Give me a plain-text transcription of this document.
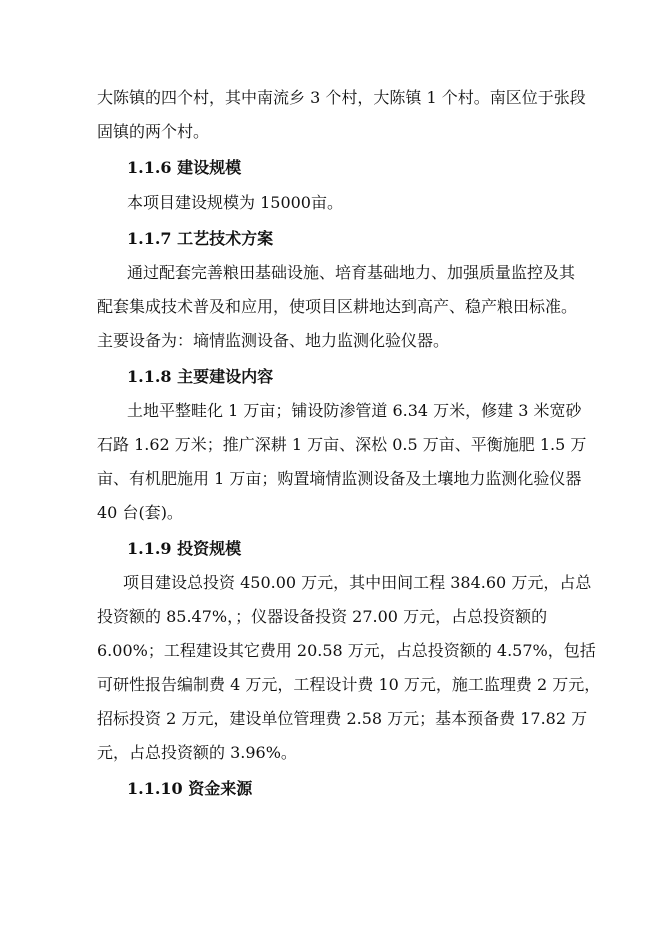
大陈镇的四个村，其中南流乡 3 个村，大陈镇 1 个村。南区位于张段
固镇的两个村。
1.1.6 建设规模
本项目建设规模为 15000亩。
1.1.7 工艺技术方案
通过配套完善粮田基础设施、培育基础地力、加强质量监控及其
配套集成技术普及和应用，使项目区耕地达到高产、稳产粮田标准。
主要设备为：墒情监测设备、地力监测化验仪器。
1.1.8 主要建设内容
土地平整畦化 1 万亩；铺设防渗管道 6.34 万米，修建 3 米宽砂
石路 1.62 万米；推广深耕 1 万亩、深松 0.5 万亩、平衡施肥 1.5 万
亩、有机肥施用 1 万亩；购置墒情监测设备及土壤地力监测化验仪器
40 台(套)。
1.1.9 投资规模
项目建设总投资 450.00 万元，其中田间工程 384.60 万元，占总
投资额的 85.47%，；仪器设备投资 27.00 万元，占总投资额的
6.00%；工程建设其它费用 20.58 万元，占总投资额的 4.57%，包括
可研性报告编制费 4 万元，工程设计费 10 万元，施工监理费 2 万元，
招标投资 2 万元，建设单位管理费 2.58 万元；基本预备费 17.82 万
元，占总投资额的 3.96%。
1.1.10 资金来源
